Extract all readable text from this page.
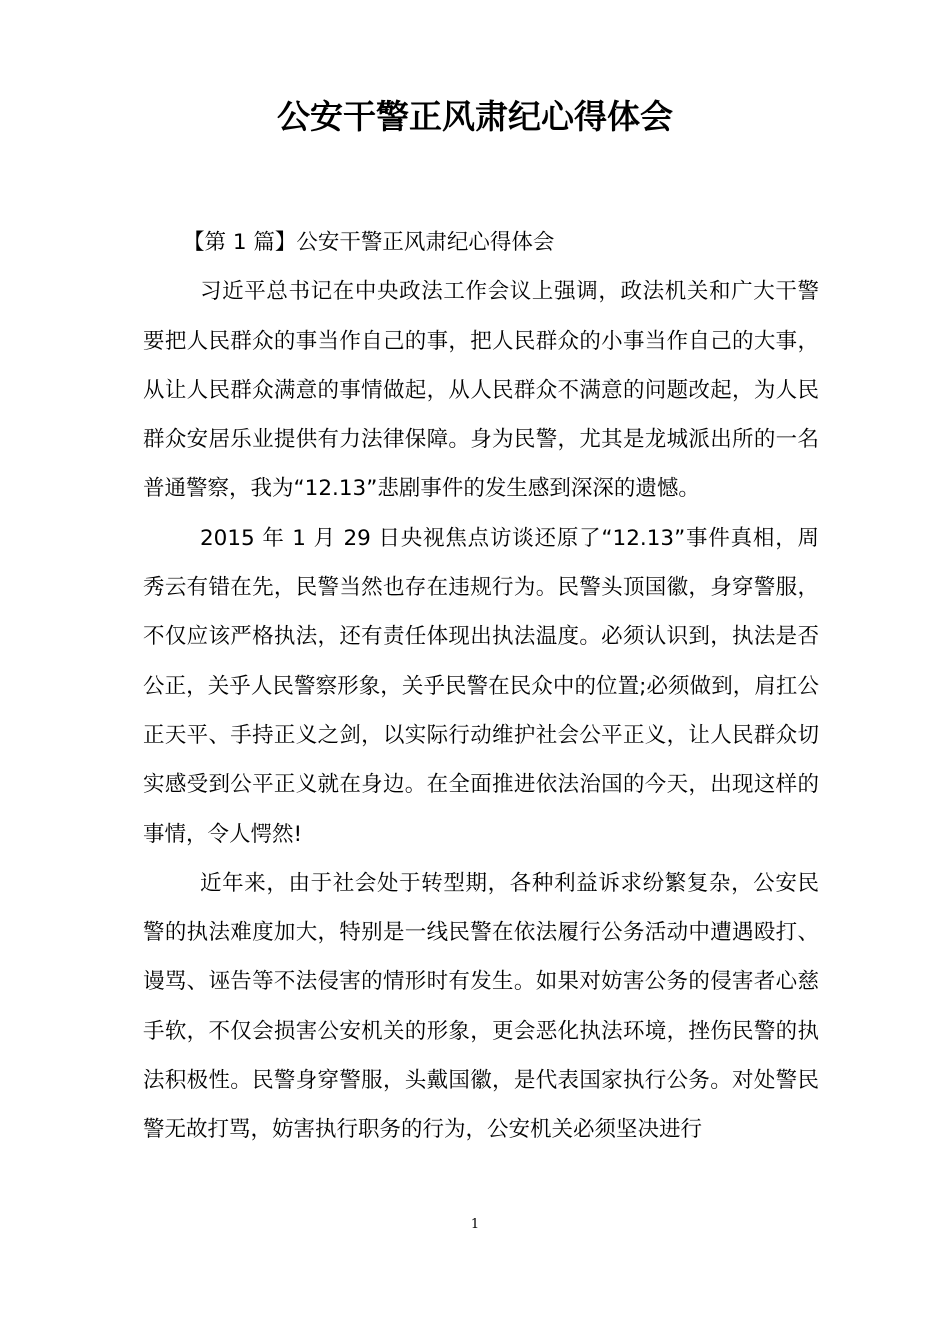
公安干警正风肃纪心得体会

【第 1 篇】公安干警正风肃纪心得体会

习近平总书记在中央政法工作会议上强调，政法机关和广大干警要把人民群众的事当作自己的事，把人民群众的小事当作自己的大事，从让人民群众满意的事情做起，从人民群众不满意的问题改起，为人民群众安居乐业提供有力法律保障。身为民警，尤其是龙城派出所的一名普通警察，我为“12.13”悲剧事件的发生感到深深的遗憾。

2015 年 1 月 29 日央视焦点访谈还原了“12.13”事件真相，周秀云有错在先，民警当然也存在违规行为。民警头顶国徽，身穿警服，不仅应该严格执法，还有责任体现出执法温度。必须认识到，执法是否公正，关乎人民警察形象，关乎民警在民众中的位置;必须做到，肩扛公正天平、手持正义之剑，以实际行动维护社会公平正义，让人民群众切实感受到公平正义就在身边。在全面推进依法治国的今天，出现这样的事情，令人愕然!

近年来，由于社会处于转型期，各种利益诉求纷繁复杂，公安民警的执法难度加大，特别是一线民警在依法履行公务活动中遭遇殴打、谩骂、诬告等不法侵害的情形时有发生。如果对妨害公务的侵害者心慈手软，不仅会损害公安机关的形象，更会恶化执法环境，挫伤民警的执法积极性。民警身穿警服，头戴国徽，是代表国家执行公务。对处警民警无故打骂，妨害执行职务的行为，公安机关必须坚决进行

1
